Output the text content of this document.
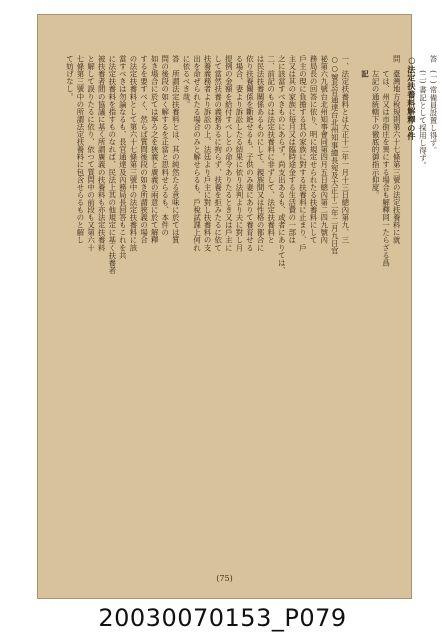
答　(一) 常備員設置し得ず。

　　(二) 書記として採用し得ず。

○法定扶養料解釋の件

問　臺灣地方稅規則第六十七條第三號の法定扶養料に就

　　ては、州又は市街庄を異にする場合も解釋同一たらざる爲

　　左記の通統轄下の徹底的御指示仰度。

　　記

一、法定扶養料とは大正十二年一月十三日總內第九、三

○○號長官通達台北州知事總長宛及大正十二年二月九日官

祕第六九號台北州知事會同第四月五日總內第二四九號內

務局長の回答に依り、明に規定せられたる扶養料にして

戶主の現に負擔する其の家族に對する扶養料に止まり、戶

主又は其の家族に毎月又は臨時途金する生活費の一部は

之に該當すべきものにあらず。尚支出あるも、或者にありては、

二、前記のものは法定扶養料に非ずして、法定扶養料と

は民法扶養關係あるものにして、親族間又は性格の都合に

依り扶養關係を斷絶せるも、子供のみ妻にありて養育せる

る場合、妻より訴訟したる結果に依り法判より夫に對し月

提例の金額を給付すべしとの命令ありたるとき又は戶主に

して當然扶養の義務あるに拘らず、扶養を拒みたるに依て

扶養義務者より訴訟の上、法廷より戶主に對し扶養料の支

出を命ぜられたる場合のみと解せらるも、戶稅試課上何れ

に依るべき哉。

答　所謂法定扶養料とは、其の純然たる意味に於ては質

問の後段の如く解するを正當と思料せらるも、本件の

如き場合に於ては寧ろ之を狹義と廣義の兩意に於て解釋

するを要すべく、然らば質問後段の如き所謂狹義の場合

の法定扶養料として第六十七條第三號中の法定扶養料に該

當すべきは勿論なるも、長官通達及內務局長回答もこれを共

に法定扶養料を指すものなれば、民法上其の他規定に基く扶養者

被扶養者間の協議に基く所謂廣義の扶養料も亦法定扶養料

と解して誤りたるに依り、依つて質問中の前段も又第六十

七條第三號中の所謂法定扶養料に包含せらるものと解し

て妨げなし。

(75)
20030070153_P079
